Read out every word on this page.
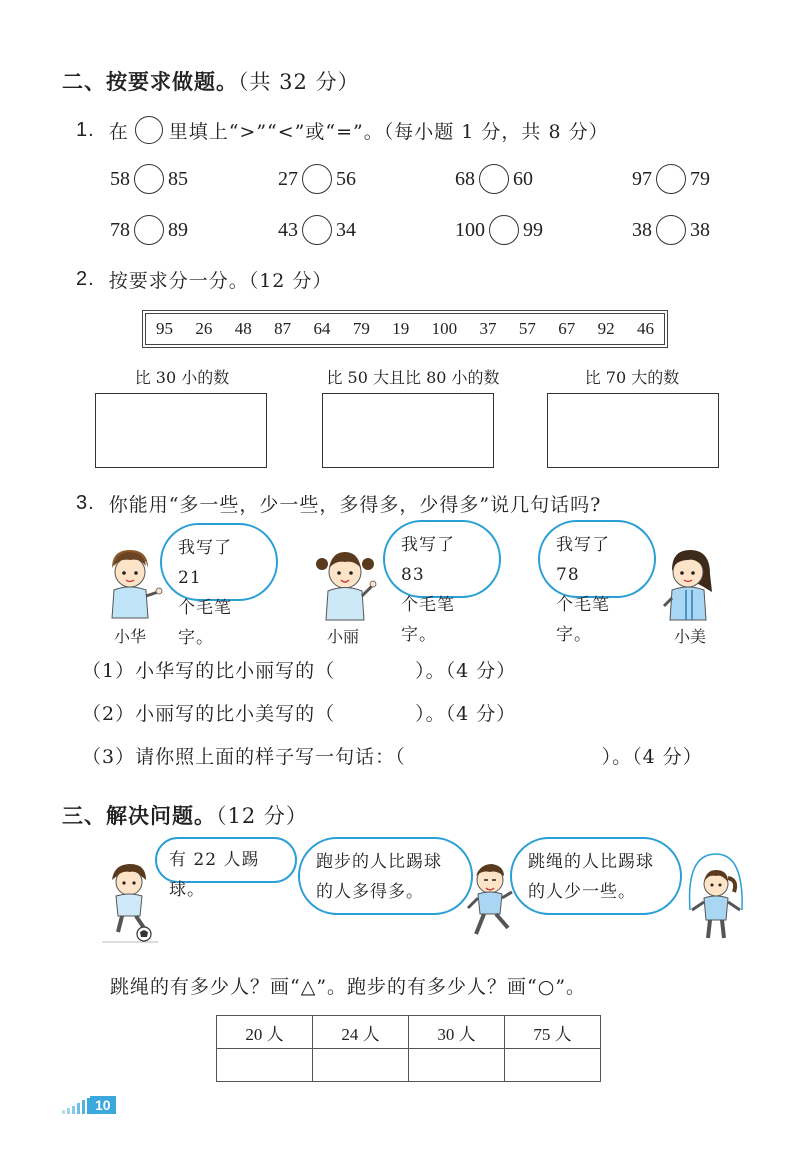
二、按要求做题。（共 32 分）
1. 在 里填上“>”“<”或“=”。（每小题 1 分，共 8 分）
58 85	27 56	68 60	97 79
78 89	43 34	100 99	38 38
2. 按要求分一分。（12 分）
95 26 48 87 64 79 19 100 37 57 67 92 46
比 30 小的数	比 50 大且比 80 小的数	比 70 大的数
3. 你能用“多一些，少一些，多得多，少得多”说几句话吗?
我写了 21
个毛笔字。
我写了 83
个毛笔字。
我写了 78
个毛笔字。
小华	小丽	小美
（1）小华写的比小丽写的（	）。（4 分）
（2）小丽写的比小美写的（	）。（4 分）
（3）请你照上面的样子写一句话：（	）。（4 分）
三、解决问题。（12 分）
有 22 人踢球。
跑步的人比踢球
的人多得多。
跳绳的人比踢球
的人少一些。
跳绳的有多少人？画“△”。跑步的有多少人？画“○”。
20 人	24 人	30 人	75 人

10
